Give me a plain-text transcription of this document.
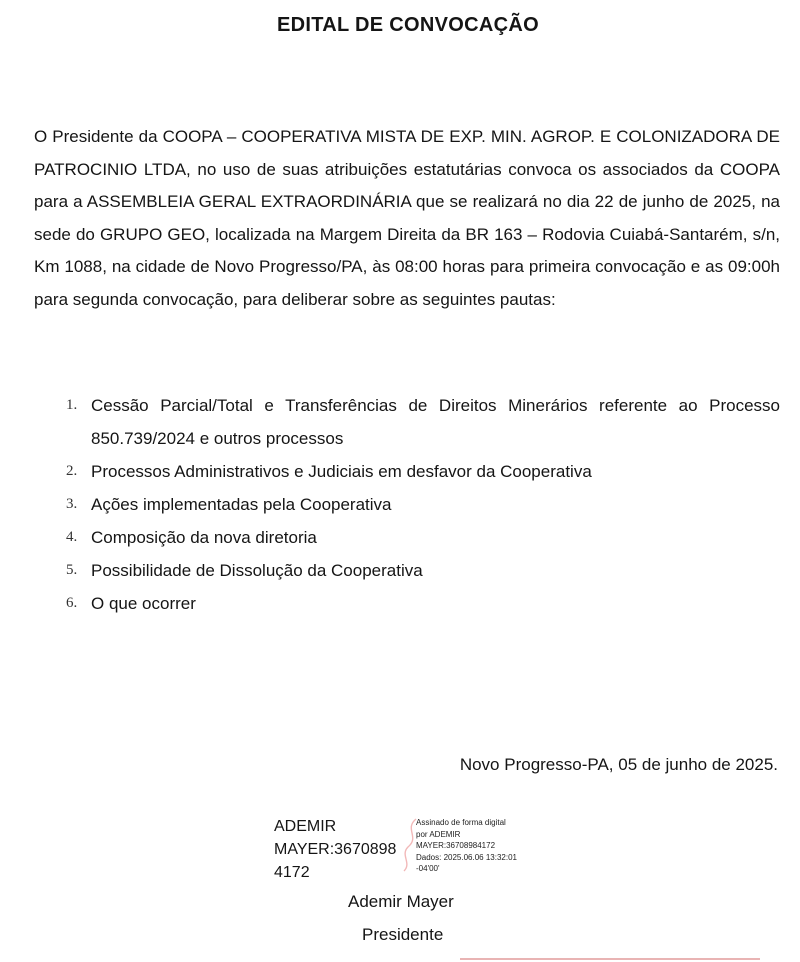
EDITAL DE CONVOCAÇÃO
O Presidente da COOPA – COOPERATIVA MISTA DE EXP. MIN. AGROP. E COLONIZADORA DE PATROCINIO LTDA, no uso de suas atribuições estatutárias convoca os associados da COOPA para a ASSEMBLEIA GERAL EXTRAORDINÁRIA que se realizará no dia 22 de junho de 2025, na sede do GRUPO GEO, localizada na Margem Direita da BR 163 – Rodovia Cuiabá-Santarém, s/n, Km 1088, na cidade de Novo Progresso/PA, às 08:00 horas para primeira convocação e as 09:00h para segunda convocação, para deliberar sobre as seguintes pautas:
1. Cessão Parcial/Total e Transferências de Direitos Minerários referente ao Processo 850.739/2024 e outros processos
2. Processos Administrativos e Judiciais em desfavor da Cooperativa
3. Ações implementadas pela Cooperativa
4. Composição da nova diretoria
5. Possibilidade de Dissolução da Cooperativa
6. O que ocorrer
Novo Progresso-PA, 05 de junho de 2025.
ADEMIR
MAYER:3670898
4172
Assinado de forma digital
por ADEMIR
MAYER:36708984172
Dados: 2025.06.06 13:32:01
-04'00'
Ademir Mayer
Presidente
